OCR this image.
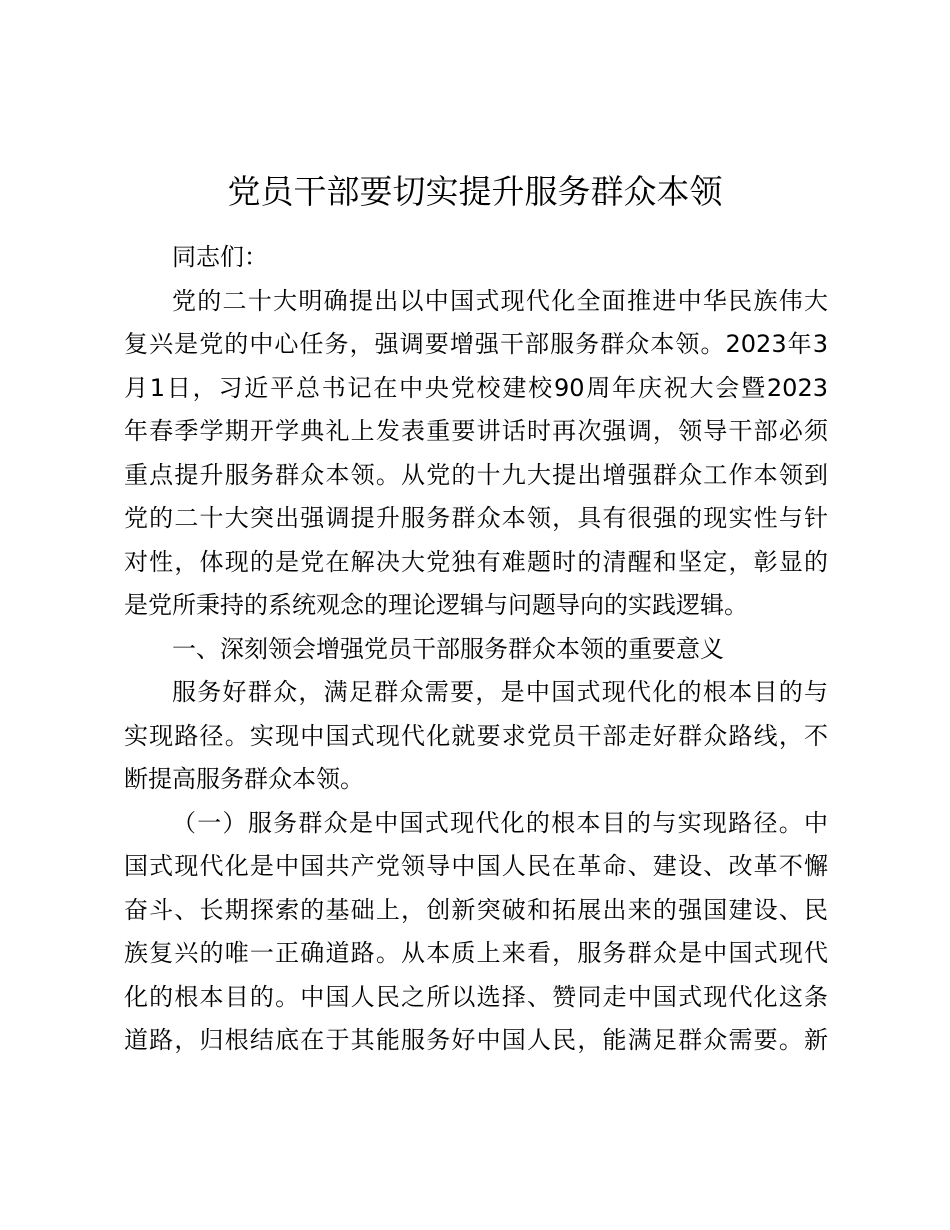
党员干部要切实提升服务群众本领

同志们：

党的二十大明确提出以中国式现代化全面推进中华民族伟大

复兴是党的中心任务，强调要增强干部服务群众本领。2023年3

月1日，习近平总书记在中央党校建校90周年庆祝大会暨2023

年春季学期开学典礼上发表重要讲话时再次强调，领导干部必须

重点提升服务群众本领。从党的十九大提出增强群众工作本领到

党的二十大突出强调提升服务群众本领，具有很强的现实性与针

对性，体现的是党在解决大党独有难题时的清醒和坚定，彰显的

是党所秉持的系统观念的理论逻辑与问题导向的实践逻辑。

一、深刻领会增强党员干部服务群众本领的重要意义

服务好群众，满足群众需要，是中国式现代化的根本目的与

实现路径。实现中国式现代化就要求党员干部走好群众路线，不

断提高服务群众本领。

（一）服务群众是中国式现代化的根本目的与实现路径。中

国式现代化是中国共产党领导中国人民在革命、建设、改革不懈

奋斗、长期探索的基础上，创新突破和拓展出来的强国建设、民

族复兴的唯一正确道路。从本质上来看，服务群众是中国式现代

化的根本目的。中国人民之所以选择、赞同走中国式现代化这条

道路，归根结底在于其能服务好中国人民，能满足群众需要。新
